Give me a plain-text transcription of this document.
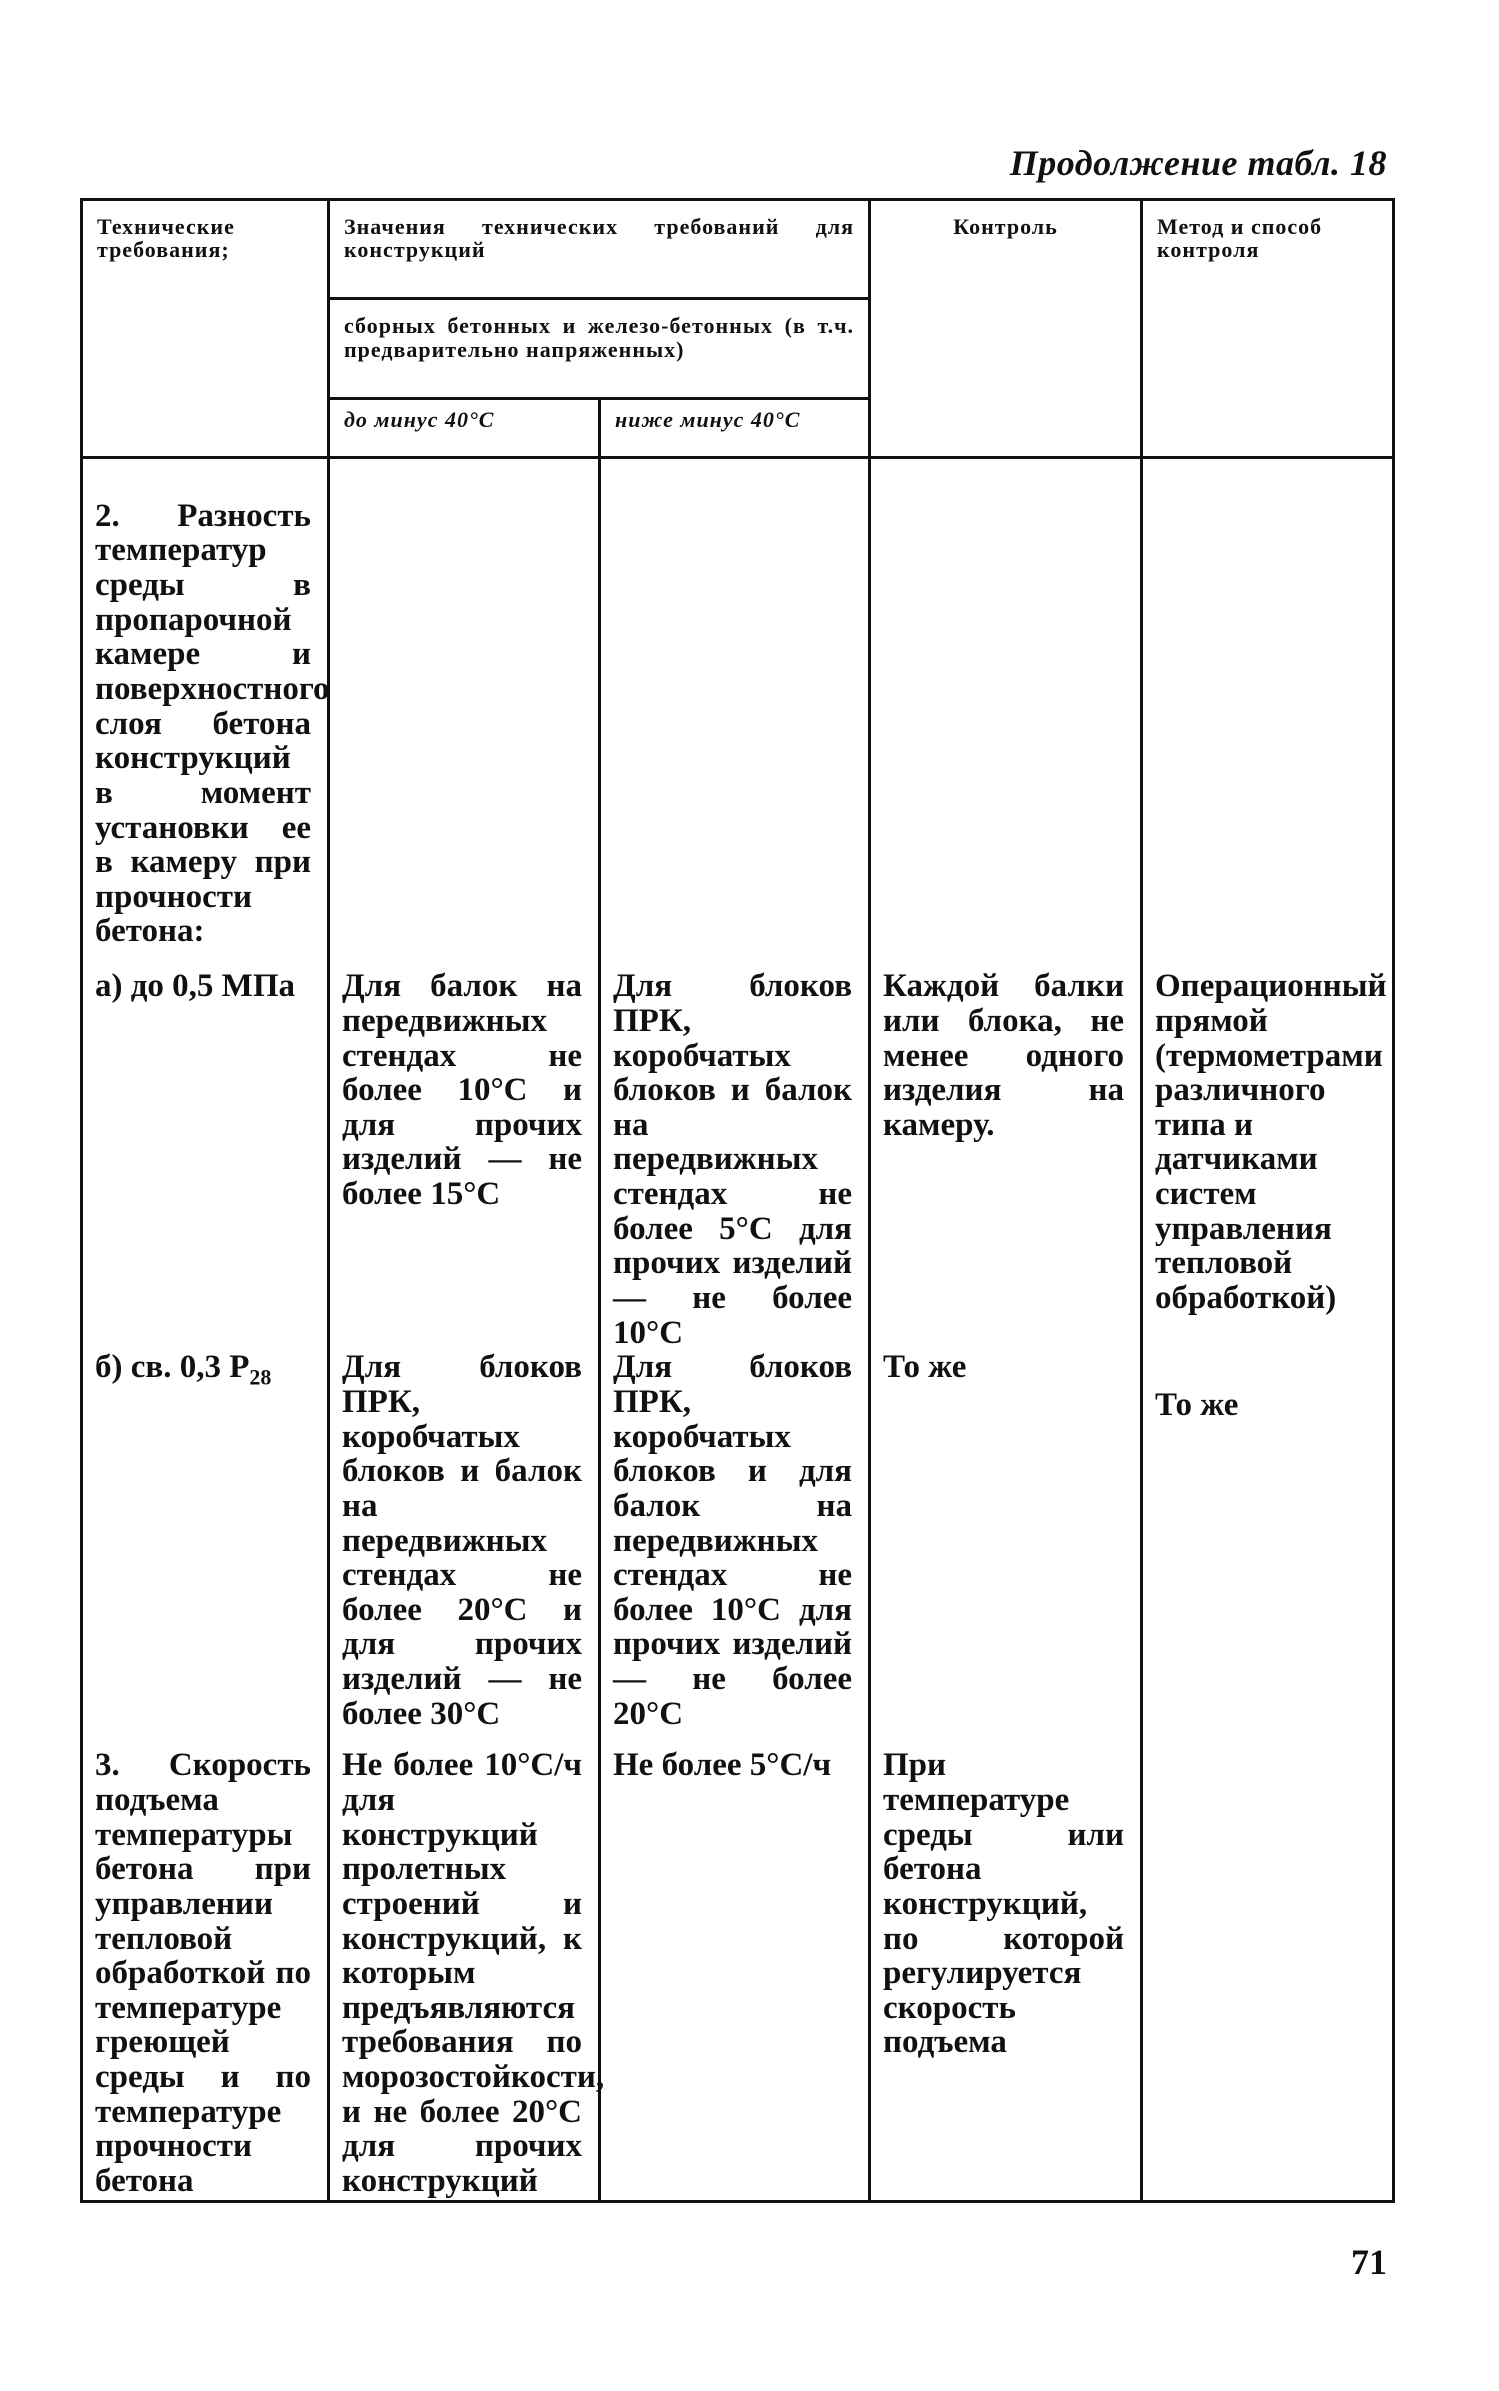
Продолжение табл. 18
Технические требования;	Значения технических требований для конструкций		Контроль	Метод и способ контроля
	сборных бетонных и железо-бетонных (в т.ч. предварительно напряженных)			
	до минус 40°С	ниже минус 40°С		

2. Разность температур среды в пропарочной камере и поверхностного слоя бетона конструкций в момент установки ее в камеру при прочности бетона:				

а) до 0,5 МПа	Для балок на передвижных стендах не более 10°С и для прочих изделий — не более 15°С	Для блоков ПРК, коробчатых блоков и балок на передвижных стендах не более 5°С для прочих изделий — не более 10°С	Каждой балки или блока, не менее одного изделия на камеру.	Операционный прямой (термометрами различного типа и датчиками систем управления тепловой обработкой)

б) св. 0,3 $Р_{28}$	Для блоков ПРК, коробчатых блоков и балок на передвижных стендах не более 20°С и для прочих изделий — не более 30°С	Для блоков ПРК, коробчатых блоков и для балок на передвижных стендах не более 10°С для прочих изделий — не более 20°С	То же	То же

3. Скорость подъема температуры бетона при управлении тепловой обработкой по температуре греющей среды и по температуре прочности бетона	Не более 10°С/ч для конструкций пролетных строений и конструкций, к которым предъявляются требования по морозостойкости, и не более 20°С для прочих конструкций	Не более 5°С/ч	При температуре среды или бетона конструкций, по которой регулируется скорость подъема	

71
